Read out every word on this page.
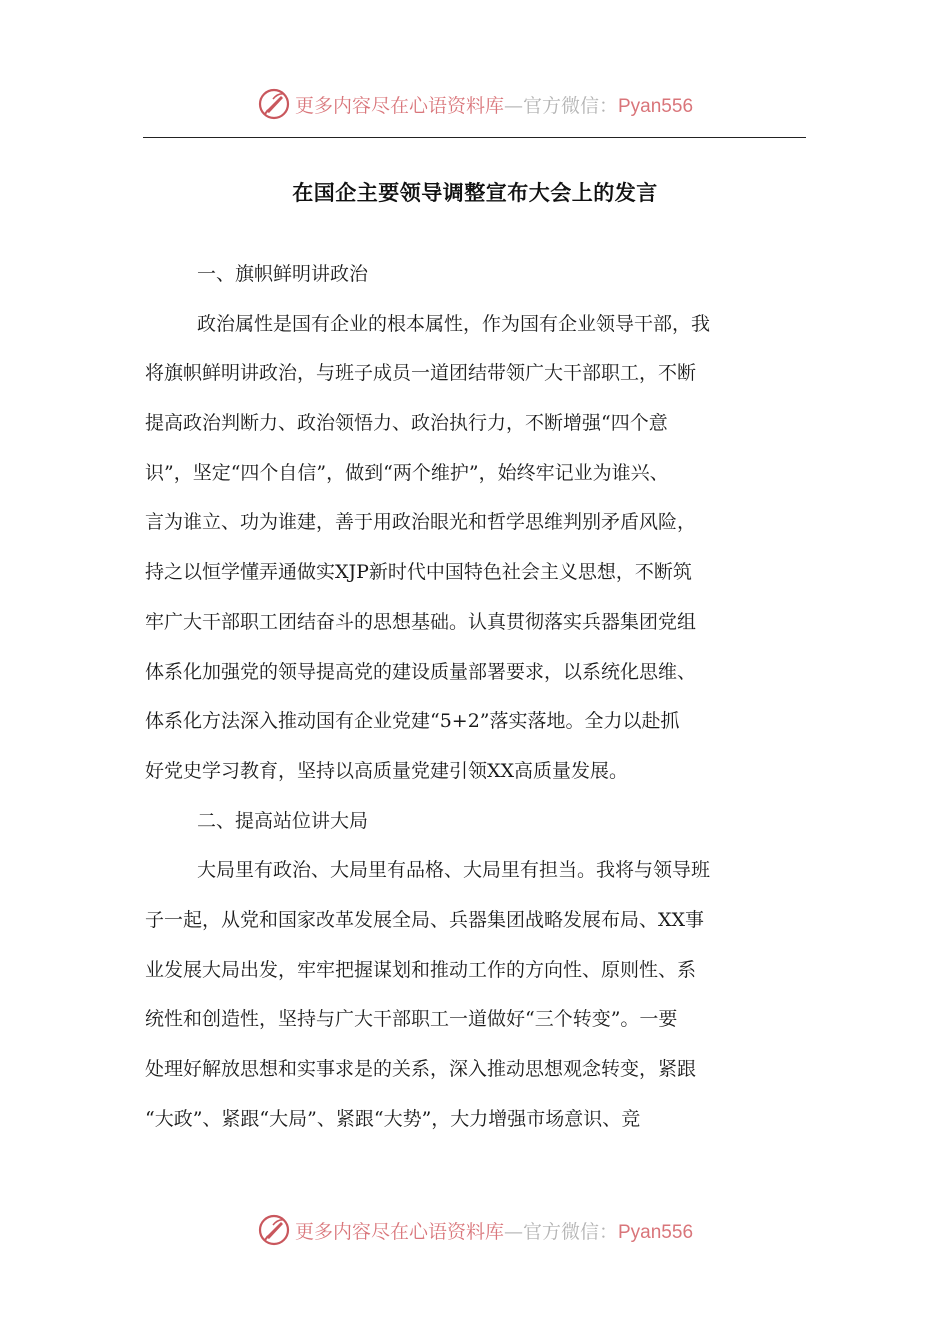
更多内容尽在心语资料库—官方微信：Pyan556
在国企主要领导调整宣布大会上的发言
一、旗帜鲜明讲政治
政治属性是国有企业的根本属性，作为国有企业领导干部，我
将旗帜鲜明讲政治，与班子成员一道团结带领广大干部职工，不断
提高政治判断力、政治领悟力、政治执行力，不断增强“四个意
识”，坚定“四个自信”，做到“两个维护”，始终牢记业为谁兴、
言为谁立、功为谁建，善于用政治眼光和哲学思维判别矛盾风险，
持之以恒学懂弄通做实XJP新时代中国特色社会主义思想，不断筑
牢广大干部职工团结奋斗的思想基础。认真贯彻落实兵器集团党组
体系化加强党的领导提高党的建设质量部署要求，以系统化思维、
体系化方法深入推动国有企业党建“5+2”落实落地。全力以赴抓
好党史学习教育，坚持以高质量党建引领XX高质量发展。
二、提高站位讲大局
大局里有政治、大局里有品格、大局里有担当。我将与领导班
子一起，从党和国家改革发展全局、兵器集团战略发展布局、XX事
业发展大局出发，牢牢把握谋划和推动工作的方向性、原则性、系
统性和创造性，坚持与广大干部职工一道做好“三个转变”。一要
处理好解放思想和实事求是的关系，深入推动思想观念转变，紧跟
“大政”、紧跟“大局”、紧跟“大势”，大力增强市场意识、竞
更多内容尽在心语资料库—官方微信：Pyan556
